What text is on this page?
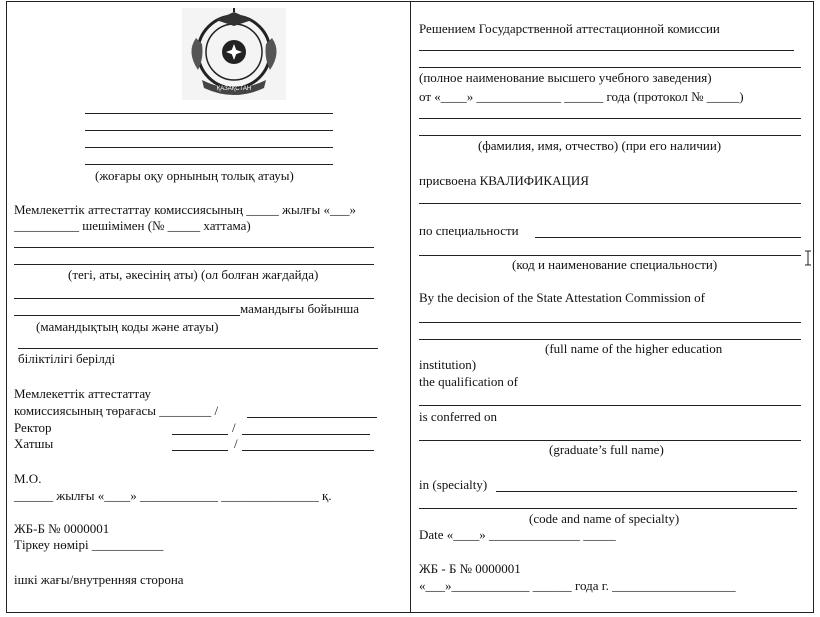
ҚАЗАҚСТАН
(жоғары оқу орнының толық атауы)
Мемлекеттік аттестаттау комиссиясының _____ жылғы «___»
__________ шешімімен (№ _____ хаттама)
(тегі, аты, әкесінің аты) (ол болған жағдайда)
мамандығы бойынша
(мамандықтың коды және атауы)
біліктілігі берілді
Мемлекеттік аттестаттау
комиссиясының төрағасы ________ /
Ректор	/
Хатшы	/
М.О.
______ жылғы «____» ____________ _______________ қ.
ЖБ-Б № 0000001
Тіркеу нөмірі ___________
ішкі жағы/внутренняя сторона
Решением Государственной аттестационной комиссии
(полное наименование высшего учебного заведения)
от «____» _____________ ______ года (протокол № _____)
(фамилия, имя, отчество) (при его наличии)
присвоена КВАЛИФИКАЦИЯ
по специальности
(код и наименование специальности)
By the decision of the State Attestation Commission of
(full name of the higher education
institution)
the qualification of
is conferred on
(graduate’s full name)
in (specialty)
(code and name of specialty)
Date «____» ______________ _____
ЖБ - Б № 0000001
«___»____________ ______ года г. ___________________
